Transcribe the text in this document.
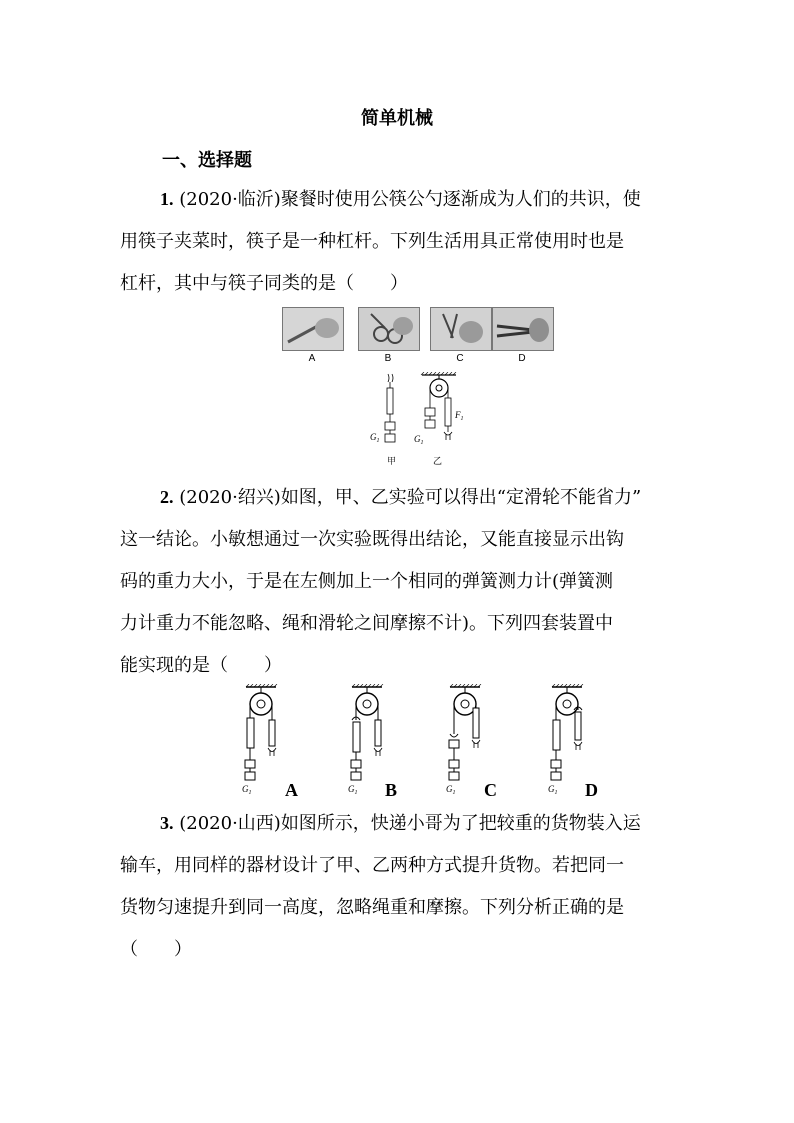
简单机械
一、选择题
1. (2020·临沂)聚餐时使用公筷公勺逐渐成为人们的共识，使
用筷子夹菜时，筷子是一种杠杆。下列生活用具正常使用时也是
杠杆，其中与筷子同类的是（　　）
A	B	C	D
$G_1$
甲
$G_1$
$F_1$
乙
2. (2020·绍兴)如图，甲、乙实验可以得出“定滑轮不能省力”
这一结论。小敏想通过一次实验既得出结论，又能直接显示出钩
码的重力大小，于是在左侧加上一个相同的弹簧测力计(弹簧测
力计重力不能忽略、绳和滑轮之间摩擦不计)。下列四套装置中
能实现的是（　　）
$G_1$ A	$G_1$ B	$G_1$ C	$G_1$ D
3. (2020·山西)如图所示，快递小哥为了把较重的货物装入运
输车，用同样的器材设计了甲、乙两种方式提升货物。若把同一
货物匀速提升到同一高度，忽略绳重和摩擦。下列分析正确的是
（　　）
